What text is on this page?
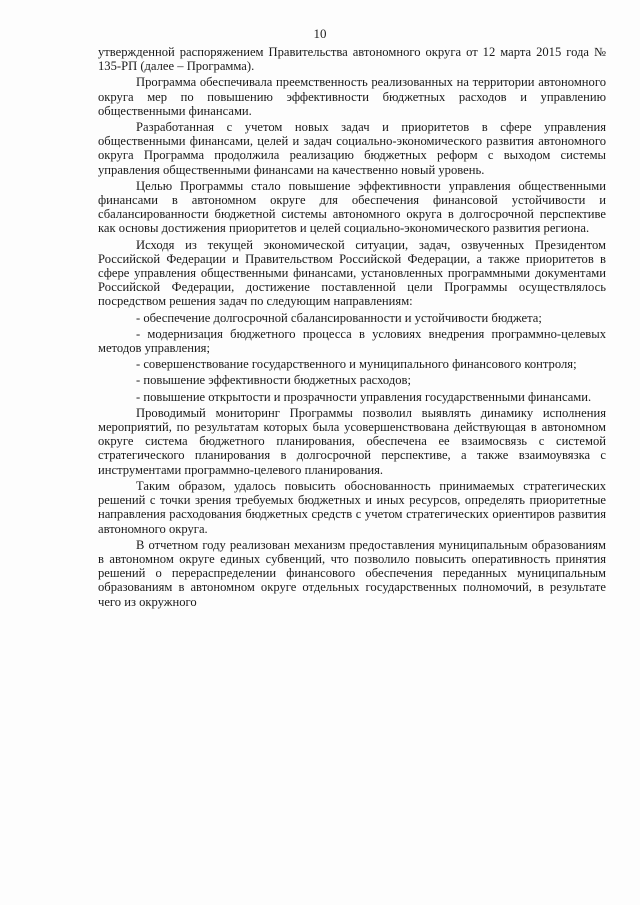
10

утвержденной распоряжением Правительства автономного округа от 12 марта 2015 года № 135-РП (далее – Программа).

Программа обеспечивала преемственность реализованных на территории автономного округа мер по повышению эффективности бюджетных расходов и управлению общественными финансами.

Разработанная с учетом новых задач и приоритетов в сфере управления общественными финансами, целей и задач социально-экономического развития автономного округа Программа продолжила реализацию бюджетных реформ с выходом системы управления общественными финансами на качественно новый уровень.

Целью Программы стало повышение эффективности управления общественными финансами в автономном округе для обеспечения финансовой устойчивости и сбалансированности бюджетной системы автономного округа в долгосрочной перспективе как основы достижения приоритетов и целей социально-экономического развития региона.

Исходя из текущей экономической ситуации, задач, озвученных Президентом Российской Федерации и Правительством Российской Федерации, а также приоритетов в сфере управления общественными финансами, установленных программными документами Российской Федерации, достижение поставленной цели Программы осуществлялось посредством решения задач по следующим направлениям:

- обеспечение долгосрочной сбалансированности и устойчивости бюджета;

- модернизация бюджетного процесса в условиях внедрения программно-целевых методов управления;

- совершенствование государственного и муниципального финансового контроля;

- повышение эффективности бюджетных расходов;

- повышение открытости и прозрачности управления государственными финансами.

Проводимый мониторинг Программы позволил выявлять динамику исполнения мероприятий, по результатам которых была усовершенствована действующая в автономном округе система бюджетного планирования, обеспечена ее взаимосвязь с системой стратегического планирования в долгосрочной перспективе, а также взаимоувязка с инструментами программно-целевого планирования.

Таким образом, удалось повысить обоснованность принимаемых стратегических решений с точки зрения требуемых бюджетных и иных ресурсов, определять приоритетные направления расходования бюджетных средств с учетом стратегических ориентиров развития автономного округа.

В отчетном году реализован механизм предоставления муниципальным образованиям в автономном округе единых субвенций, что позволило повысить оперативность принятия решений о перераспределении финансового обеспечения переданных муниципальным образованиям в автономном округе отдельных государственных полномочий, в результате чего из окружного
